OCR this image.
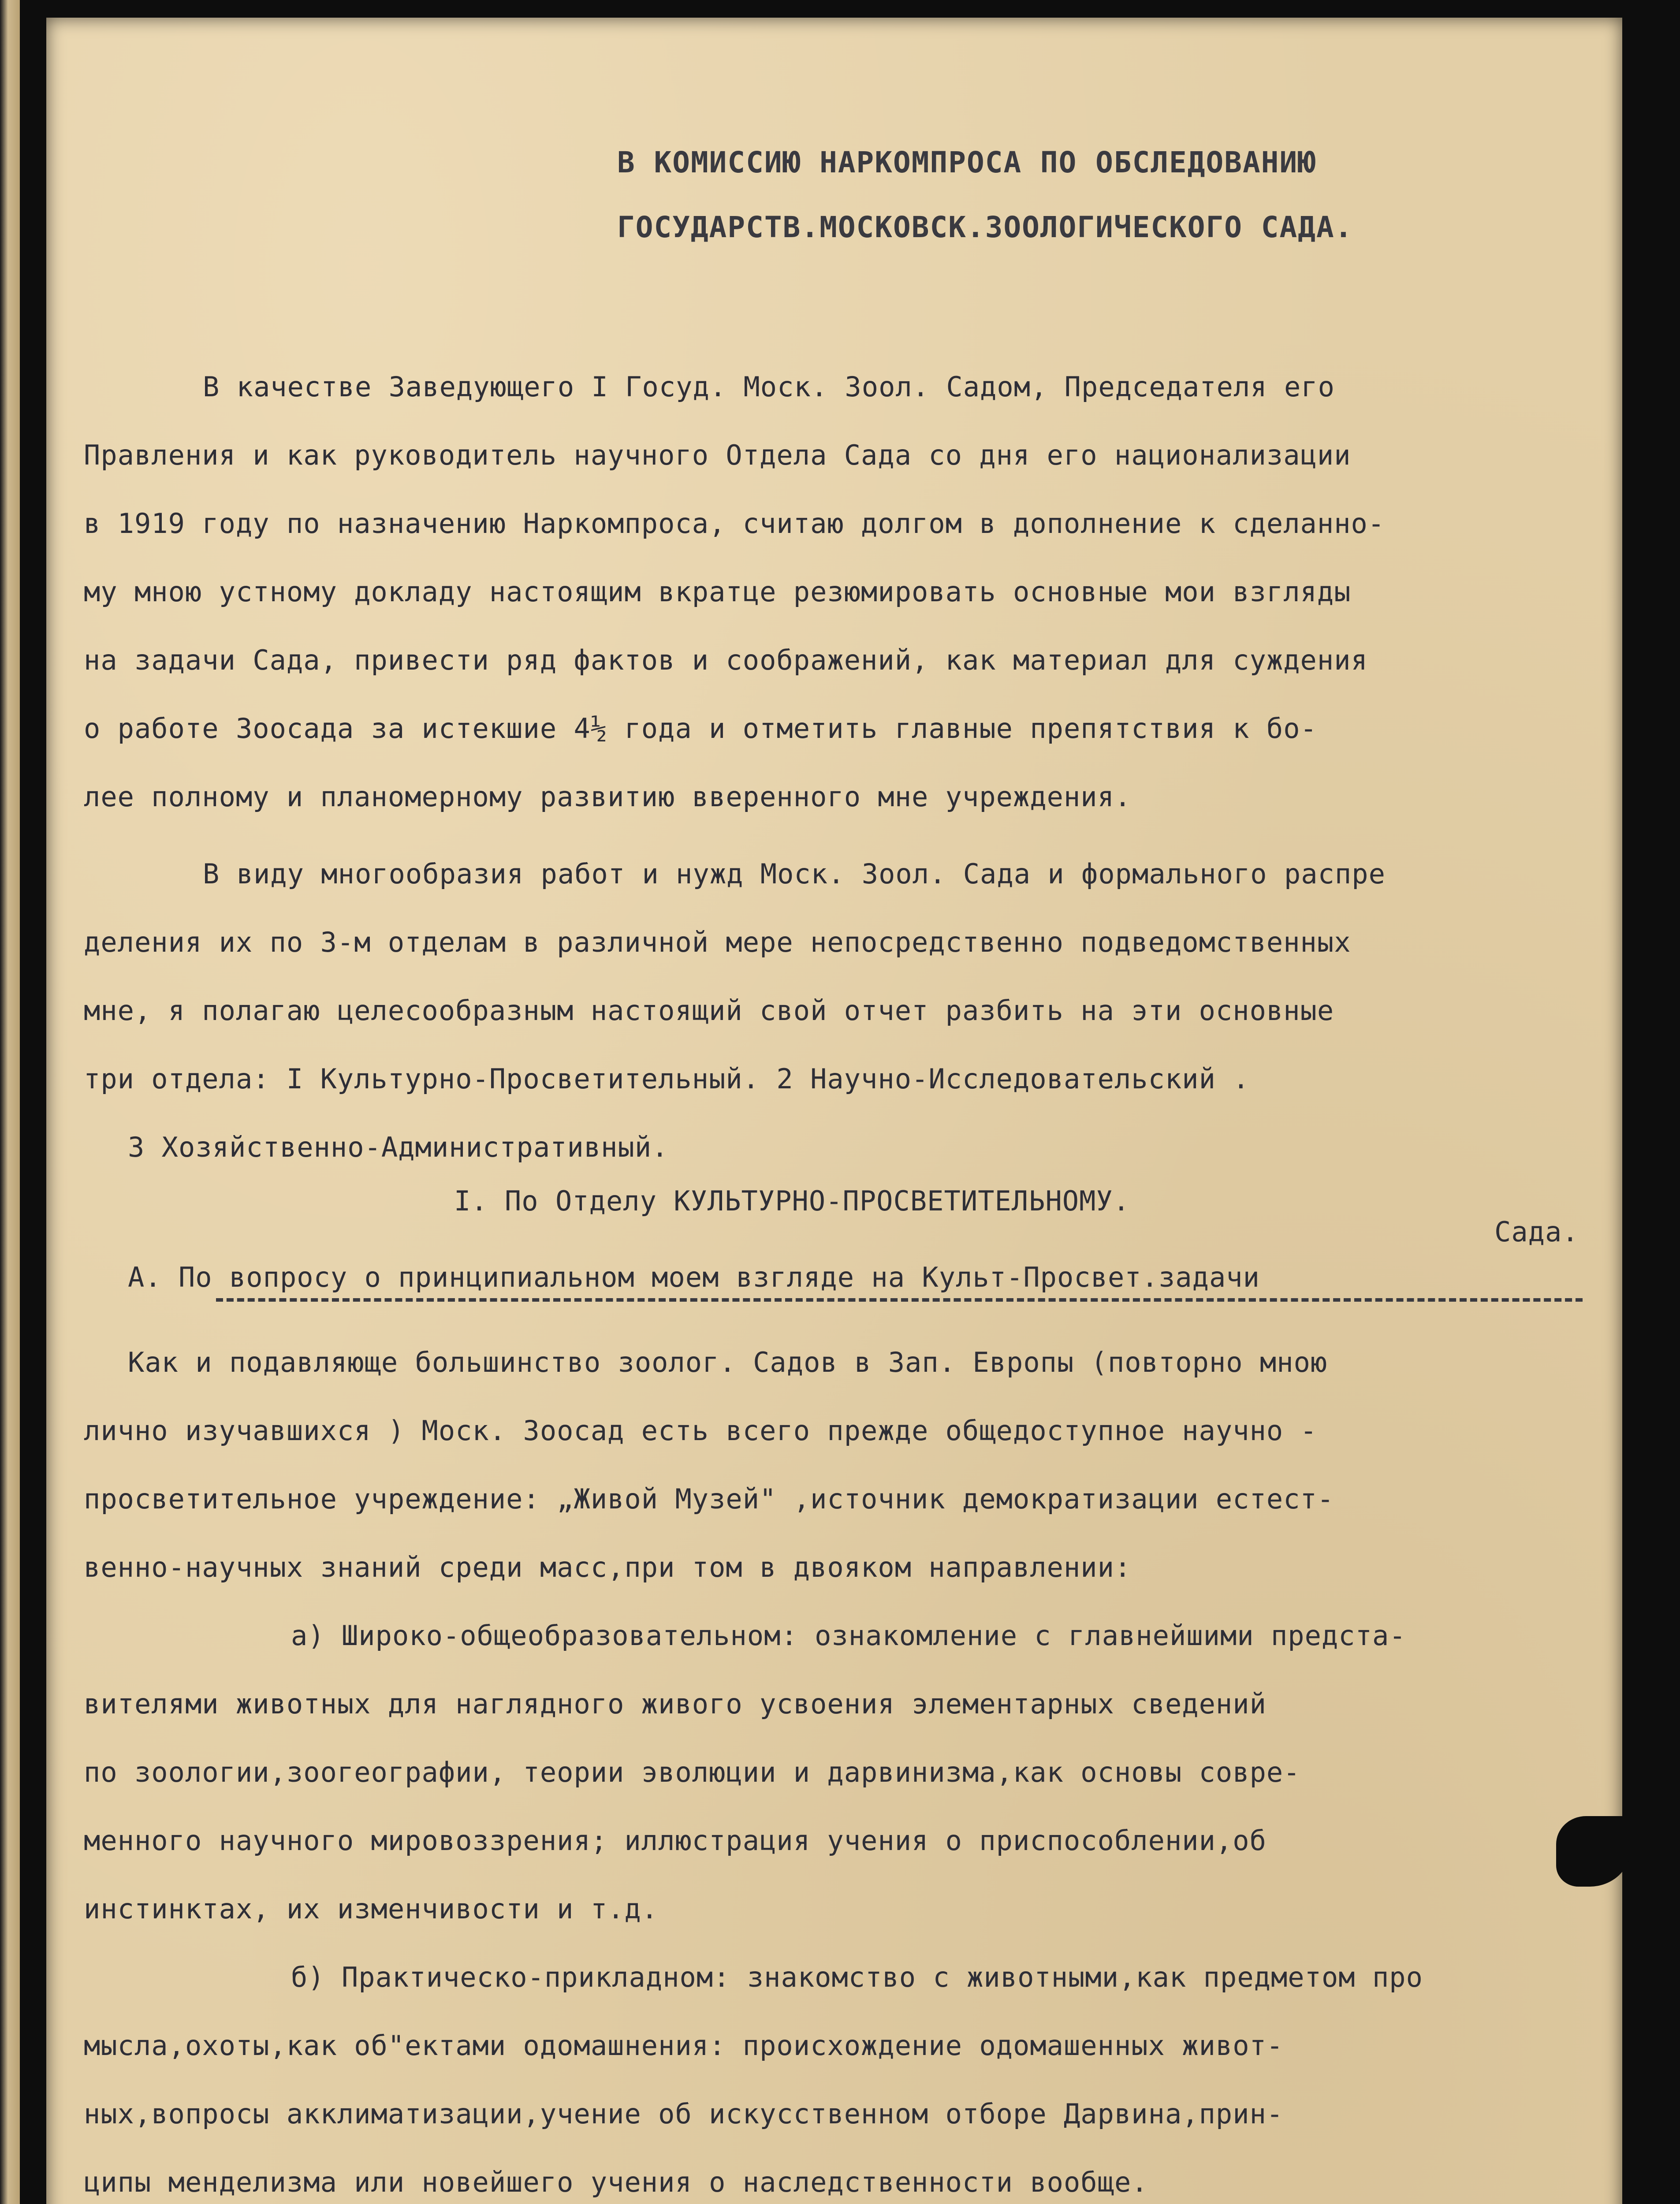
В КОМИССИЮ НАРКОМПРОСА ПО ОБСЛЕДОВАНИЮ
ГОСУДАРСТВ.МОСКОВСК.ЗООЛОГИЧЕСКОГО САДА.

В качестве Заведующего I Госуд. Моск. Зоол. Садом, Председателя его

Правления и как руководитель научного Отдела Сада со дня его национализации

в 1919 году по назначению Наркомпроса, считаю долгом в дополнение к сделанно-

му мною устному докладу настоящим вкратце резюмировать основные мои взгляды

на задачи Сада, привести ряд фактов и соображений, как материал для суждения

о работе Зоосада за истекшие 4½ года и отметить главные препятствия к бо-

лее полному и планомерному развитию вверенного мне учреждения.

В виду многообразия работ и нужд Моск. Зоол. Сада и формального распре

деления их по 3-м отделам в различной мере непосредственно подведомственных

мне, я полагаю целесообразным настоящий свой отчет разбить на эти основные

три отдела: I Культурно-Просветительный. 2 Научно-Исследовательский .

3 Хозяйственно-Административный.

I. По Отделу КУЛЬТУРНО-ПРОСВЕТИТЕЛЬНОМУ.

Сада.

А. По вопросу о принципиальном моем взгляде на Культ-Просвет.задачи

Как и подавляюще большинство зоолог. Садов в Зап. Европы (повторно мною

лично изучавшихся ) Моск. Зоосад есть всего прежде общедоступное научно -

просветительное учреждение: „Живой Музей" ,источник демократизации естест-

венно-научных знаний среди масс,при том в двояком направлении:

а) Широко-общеобразовательном: ознакомление с главнейшими предста-

вителями животных для наглядного живого усвоения элементарных сведений

по зоологии,зоогеографии, теории эволюции и дарвинизма,как основы совре-

менного научного мировоззрения; иллюстрация учения о приспособлении,об

инстинктах, их изменчивости и т.д.

б) Практическо-прикладном: знакомство с животными,как предметом про

мысла,охоты,как об"ектами одомашнения: происхождение одомашенных живот-

ных,вопросы акклиматизации,учение об искусственном отборе Дарвина,прин-

ципы менделизма или новейшего учения о наследственности вообще.
